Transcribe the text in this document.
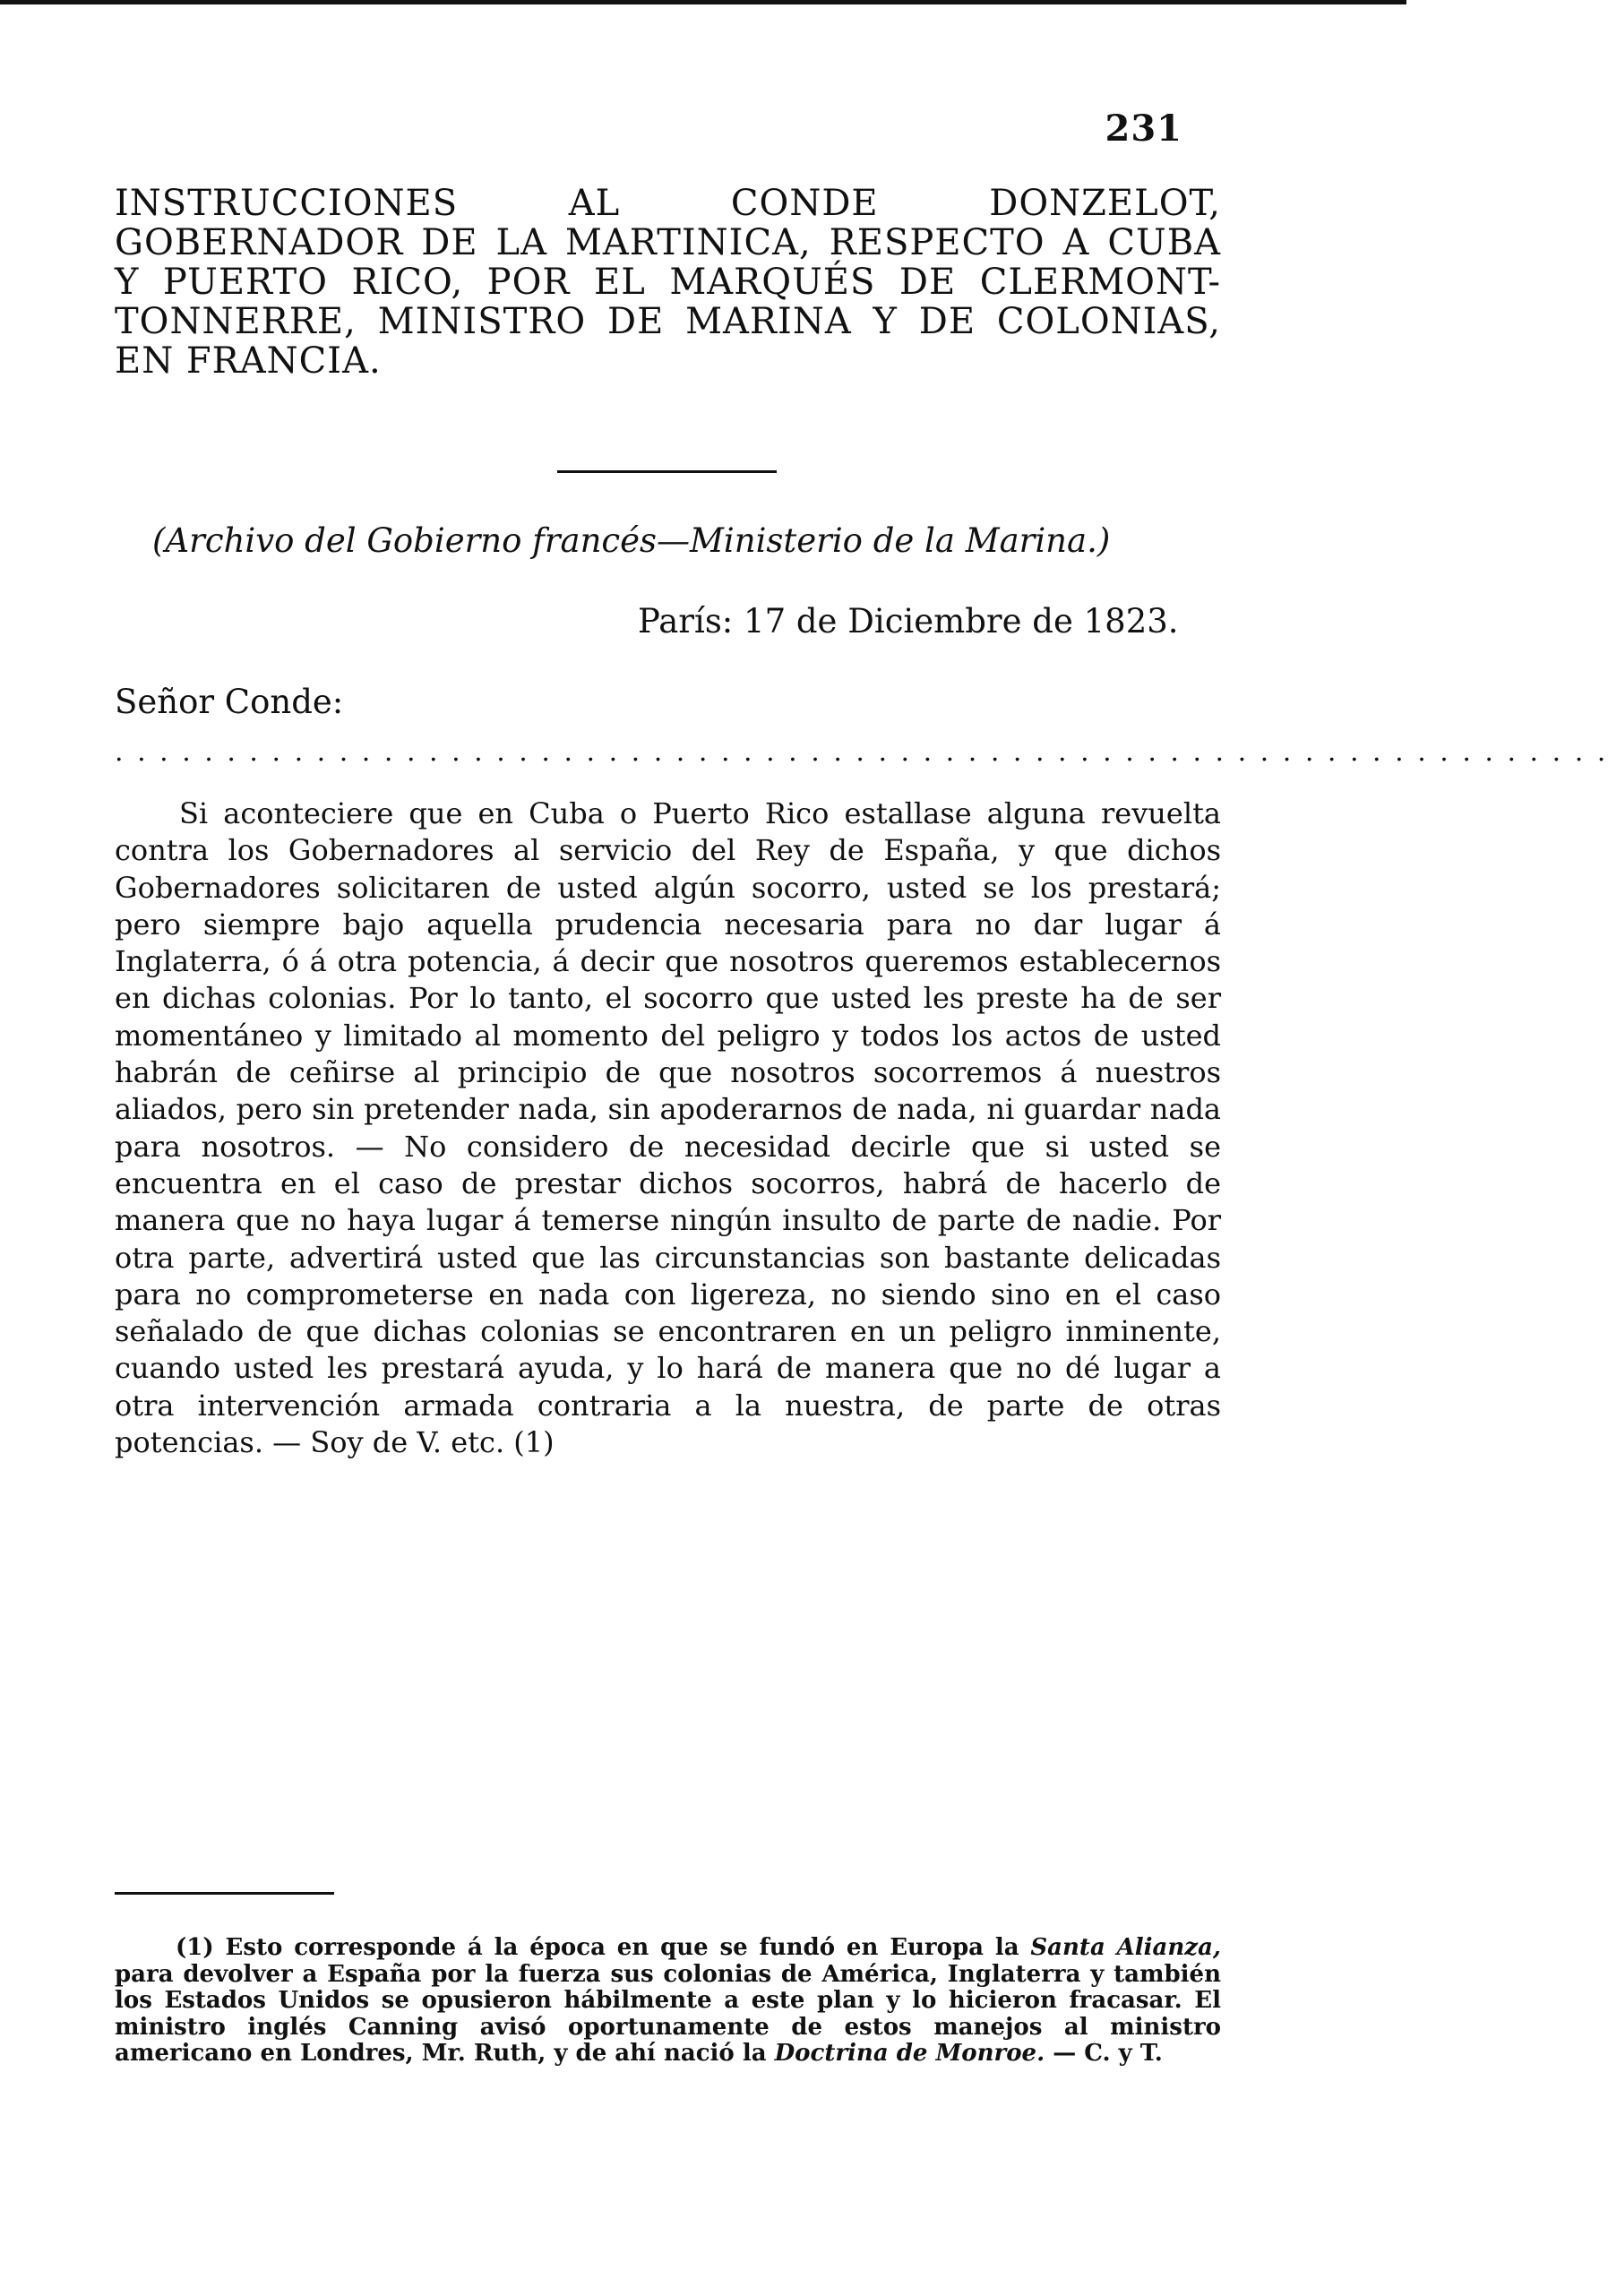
231
INSTRUCCIONES AL CONDE DONZELOT, GOBERNADOR DE LA MARTINICA, RESPECTO A CUBA Y PUERTO RICO, POR EL MARQUÉS DE CLERMONT-TONNERRE, MINISTRO DE MARINA Y DE COLONIAS, EN FRANCIA.

(Archivo del Gobierno francés—Ministerio de la Marina.)

París: 17 de Diciembre de 1823.

Señor Conde:

. . . . . . . . . . . . . . . . . . . . . . . . . . . . . . . . . . . . . . . . . . . . . . . . . . . . . . . . . . . . . . . . . . .

Si aconteciere que en Cuba o Puerto Rico estallase alguna revuelta contra los Gobernadores al servicio del Rey de España, y que dichos Gobernadores solicitaren de usted algún socorro, usted se los prestará; pero siempre bajo aquella prudencia necesaria para no dar lugar á Inglaterra, ó á otra potencia, á decir que nosotros queremos establecernos en dichas colonias. Por lo tanto, el socorro que usted les preste ha de ser momentáneo y limitado al momento del peligro y todos los actos de usted habrán de ceñirse al principio de que nosotros socorremos á nuestros aliados, pero sin pretender nada, sin apoderarnos de nada, ni guardar nada para nosotros. — No considero de necesidad decirle que si usted se encuentra en el caso de prestar dichos socorros, habrá de hacerlo de manera que no haya lugar á temerse ningún insulto de parte de nadie. Por otra parte, advertirá usted que las circunstancias son bastante delicadas para no comprometerse en nada con ligereza, no siendo sino en el caso señalado de que dichas colonias se encontraren en un peligro inminente, cuando usted les prestará ayuda, y lo hará de manera que no dé lugar a otra intervención armada contraria a la nuestra, de parte de otras potencias. — Soy de V. etc. (1)

(1) Esto corresponde á la época en que se fundó en Europa la Santa Alianza, para devolver a España por la fuerza sus colonias de América, Inglaterra y también los Estados Unidos se opusieron hábilmente a este plan y lo hicieron fracasar. El ministro inglés Canning avisó oportunamente de estos manejos al ministro americano en Londres, Mr. Ruth, y de ahí nació la Doctrina de Monroe. — C. y T.
